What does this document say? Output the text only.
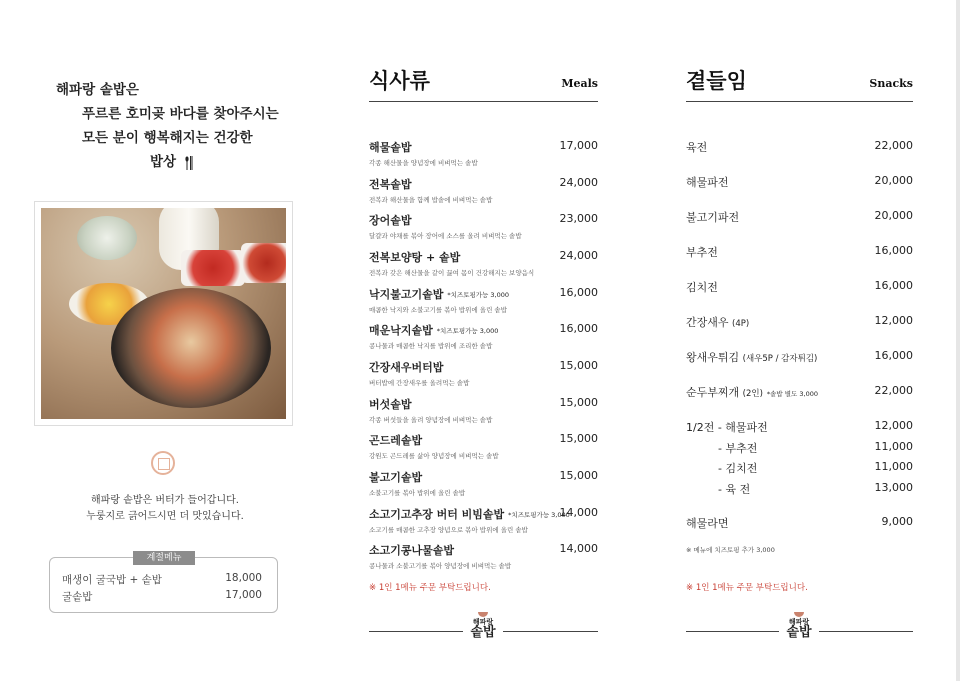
해파랑 솥밥은
푸르른 호미곶 바다를 찾아주시는
모든 분이 행복해지는 건강한
밥상
해파랑 솥밥은 버터가 들어갑니다.
누룽지로 긁어드시면 더 맛있습니다.
계절메뉴
매생이 굴국밥 + 솥밥	18,000
굴솥밥	17,000
식사류	Meals
해물솥밥
각종 해산물을 양념장에 비벼먹는 솥밥
17,000
전복솥밥
전복과 해산물을 함께 밥솥에 비벼먹는 솥밥
24,000
장어솥밥
달걀과 야채를 볶아 장어에 소스를 올려 비벼먹는 솥밥
23,000
전복보양탕 + 솥밥
전복과 갖은 해산물을 같이 끓여 몸이 건강해지는 보양음식
24,000
낙지불고기솥밥 *치즈토핑가능 3,000
매콤한 낙지와 소불고기를 볶아 밥위에 올린 솥밥
16,000
매운낙지솥밥 *치즈토핑가능 3,000
콩나물과 매콤한 낙지를 밥위에 조리한 솥밥
16,000
간장새우버터밥
버터밥에 간장새우를 올려먹는 솥밥
15,000
버섯솥밥
각종 버섯들을 올려 양념장에 비벼먹는 솥밥
15,000
곤드레솥밥
강원도 곤드레를 삶아 양념장에 비벼먹는 솥밥
15,000
불고기솥밥
소불고기를 볶아 밥위에 올린 솥밥
15,000
소고기고추장 버터 비빔솥밥 *치즈토핑가능 3,000
소고기를 매콤한 고추장 양념으로 볶아 밥위에 올린 솥밥
14,000
소고기콩나물솥밥
콩나물과 소불고기를 볶아 양념장에 비벼먹는 솥밥
14,000
※ 1인 1메뉴 주문 부탁드립니다.
해파랑
솥밥
곁들임	Snacks
육전	22,000
해물파전	20,000
불고기파전	20,000
부추전	16,000
김치전	16,000
간장새우 (4P)	12,000
왕새우튀김 (새우5P / 감자튀김)	16,000
순두부찌개 (2인) *솥밥 별도 3,000	22,000
1/2전 - 해물파전	12,000
- 부추전	11,000
- 김치전	11,000
- 육 전	13,000
해물라면	9,000
※ 메뉴에 치즈토핑 추가 3,000
※ 1인 1메뉴 주문 부탁드립니다.
해파랑
솥밥
